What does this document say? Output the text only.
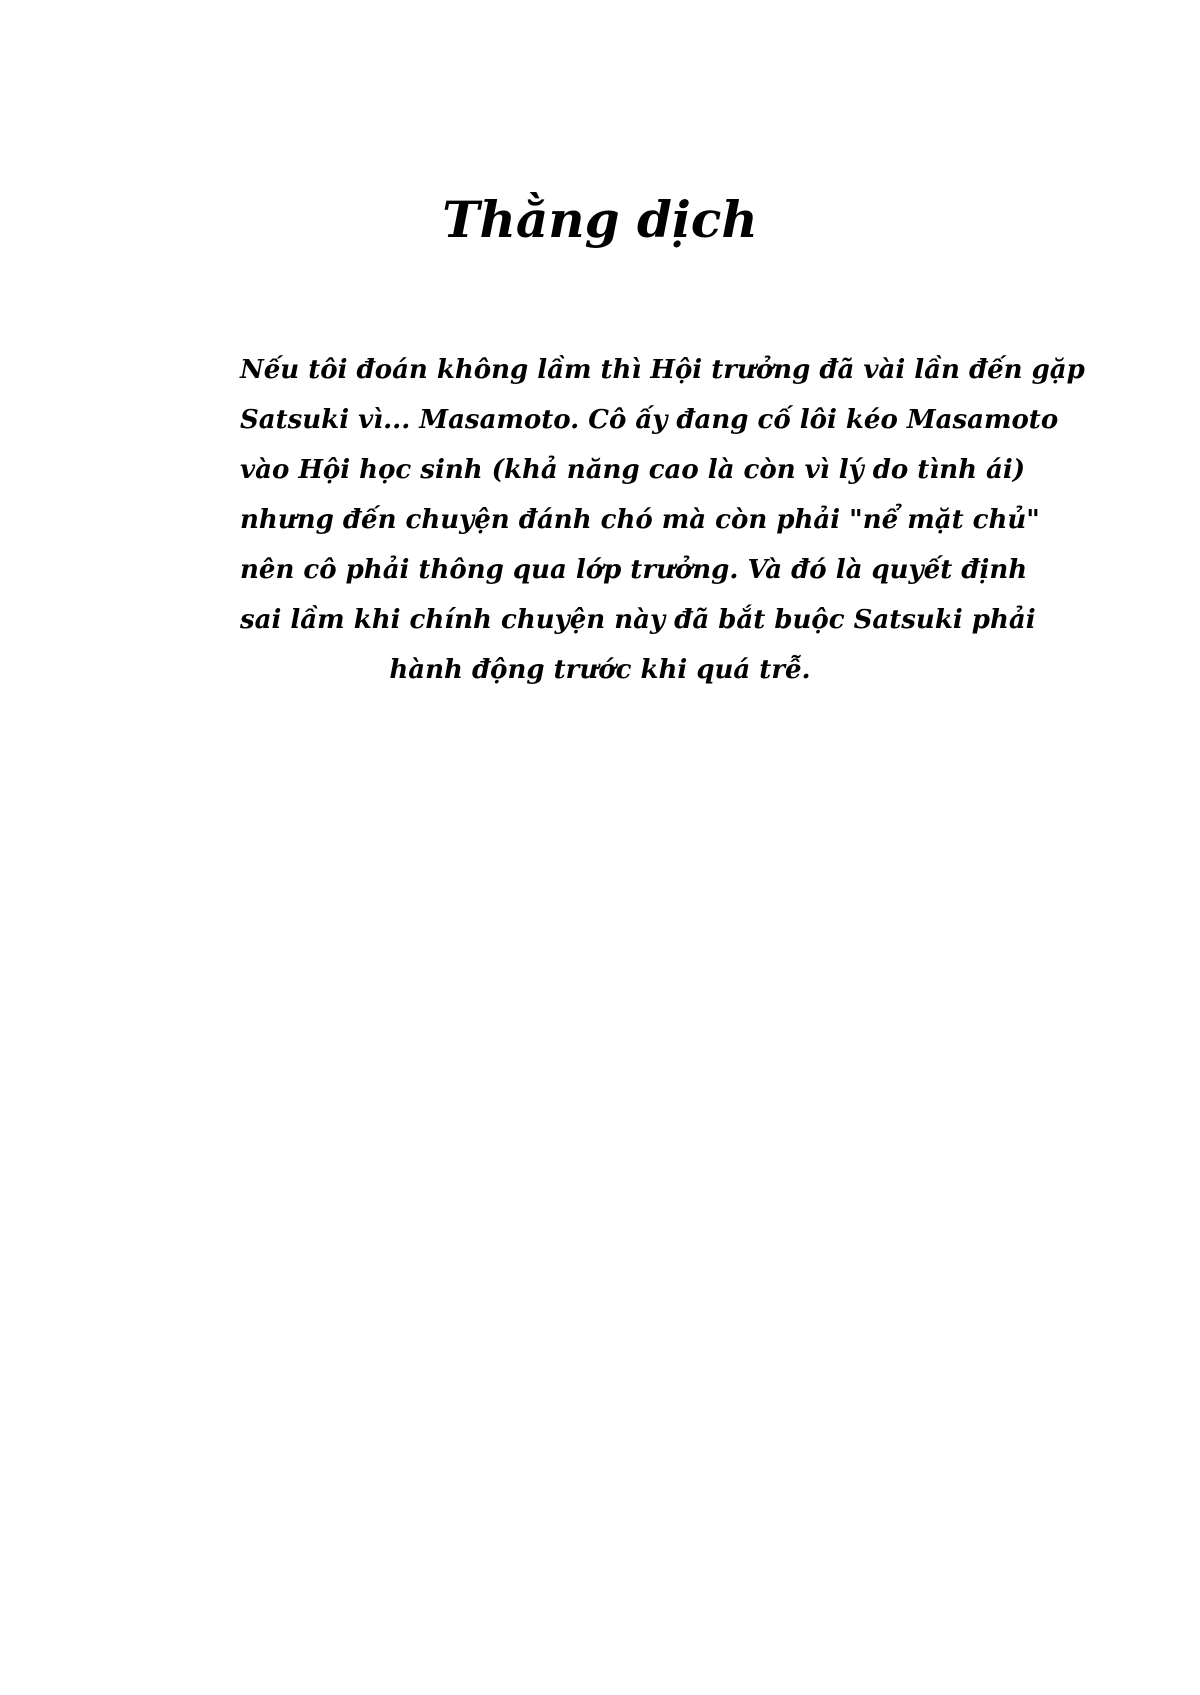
Thằng dịch
Nếu tôi đoán không lầm thì Hội trưởng đã vài lần đến gặp
Satsuki vì... Masamoto. Cô ấy đang cố lôi kéo Masamoto
vào Hội học sinh (khả năng cao là còn vì lý do tình ái)
nhưng đến chuyện đánh chó mà còn phải "nể mặt chủ"
nên cô phải thông qua lớp trưởng. Và đó là quyết định
sai lầm khi chính chuyện này đã bắt buộc Satsuki phải
hành động trước khi quá trễ.
